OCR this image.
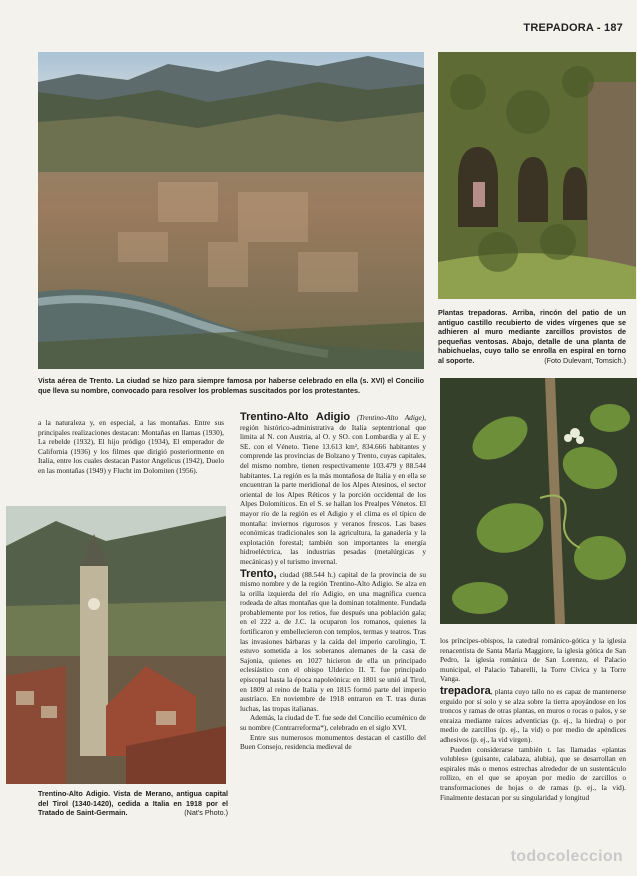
TREPADORA - 187
Plantas trepadoras. Arriba, rincón del patio de un antiguo castillo recubierto de vides vírgenes que se adhieren al muro mediante zarcillos provistos de pequeñas ventosas. Abajo, detalle de una planta de habichuelas, cuyo tallo se enrolla en espiral en torno al soporte.	(Foto Dulevant, Tomsich.)
Vista aérea de Trento. La ciudad se hizo para siempre famosa por haberse celebrado en ella (s. XVI) el Concilio que lleva su nombre, convocado para resolver los problemas suscitados por los protestantes.
a la naturaleza y, en especial, a las montañas. Entre sus principales realizaciones destacan: Montañas en llamas (1930), La rebelde (1932), El hijo pródigo (1934), El emperador de California (1936) y los filmes que dirigió posteriormente en Italia, entre los cuales destacan Pastor Angelicus (1942), Duelo en las montañas (1949) y Flucht im Dolomiten (1956).
Trentino-Alto Adigio. Vista de Merano, antigua capital del Tirol (1340-1420), cedida a Italia en 1918 por el Tratado de Saint-Germain.	(Nat's Photo.)
Trentino-Alto Adigio (Trentino-Alto Adige), región histórico-administrativa de Italia septentrional que limita al N. con Austria, al O. y SO. con Lombardía y al E. y SE. con el Véneto. Tiene 13.613 km², 834.666 habitantes y comprende las provincias de Bolzano y Trento, cuyas capitales, del mismo nombre, tienen respectivamente 103.479 y 88.544 habitantes. La región es la más montañosa de Italia y en ella se encuentran la parte meridional de los Alpes Atesinos, el sector oriental de los Alpes Réticos y la porción occidental de los Alpes Dolomíticos. En el S. se hallan los Prealpes Vénetos. El mayor río de la región es el Adigio y el clima es el típico de montaña: inviernos rigurosos y veranos frescos. Las bases económicas tradicionales son la agricultura, la ganadería y la explotación forestal; también son importantes la energía hidroeléctrica, las industrias pesadas (metalúrgicas y mecánicas) y el turismo invernal.
Trento, ciudad (88.544 h.) capital de la provincia de su mismo nombre y de la región Trentino-Alto Adigio. Se alza en la orilla izquierda del río Adigio, en una magnífica cuenca rodeada de altas montañas que la dominan totalmente. Fundada probablemente por los retios, fue después una población gala; en el 222 a. de J.C. la ocuparon los romanos, quienes la fortificaron y embellecieron con templos, termas y teatros. Tras las invasiones bárbaras y la caída del imperio carolingio, T. estuvo sometida a los soberanos alemanes de la casa de Sajonia, quienes en 1027 hicieron de ella un principado eclesiástico con el obispo Ulderico II. T. fue principado episcopal hasta la época napoleónica: en 1801 se unió al Tirol, en 1809 al reino de Italia y en 1815 formó parte del imperio austríaco. En noviembre de 1918 entraron en T. tras duras luchas, las tropas italianas.
Además, la ciudad de T. fue sede del Concilio ecuménico de su nombre (Contrarreforma*), celebrado en el siglo XVI.
Entre sus numerosos monumentos destacan el castillo del Buen Consejo, residencia medieval de
los príncipes-obispos, la catedral románico-gótica y la iglesia renacentista de Santa María Maggiore, la iglesia gótica de San Pedro, la iglesia románica de San Lorenzo, el Palacio municipal, el Palacio Tabarelli, la Torre Cívica y la Torre Vanga.
trepadora, planta cuyo tallo no es capaz de mantenerse erguido por sí solo y se alza sobre la tierra apoyándose en los troncos y ramas de otras plantas, en muros o rocas o palos, y se enraiza mediante raíces adventicias (p. ej., la hiedra) o por medio de zarcillos (p. ej., la vid) o por medio de apéndices adhesivos (p. ej., la vid virgen).
Pueden considerarse también t. las llamadas «plantas volubles» (guisante, calabaza, alubia), que se desarrollan en espirales más o menos estrechas alrededor de un sustentáculo rollizo, en el que se apoyan por medio de zarcillos o transformaciones de hojas o de ramas (p. ej., la vid). Finalmente destacan por su singularidad y longitud
todocoleccion
